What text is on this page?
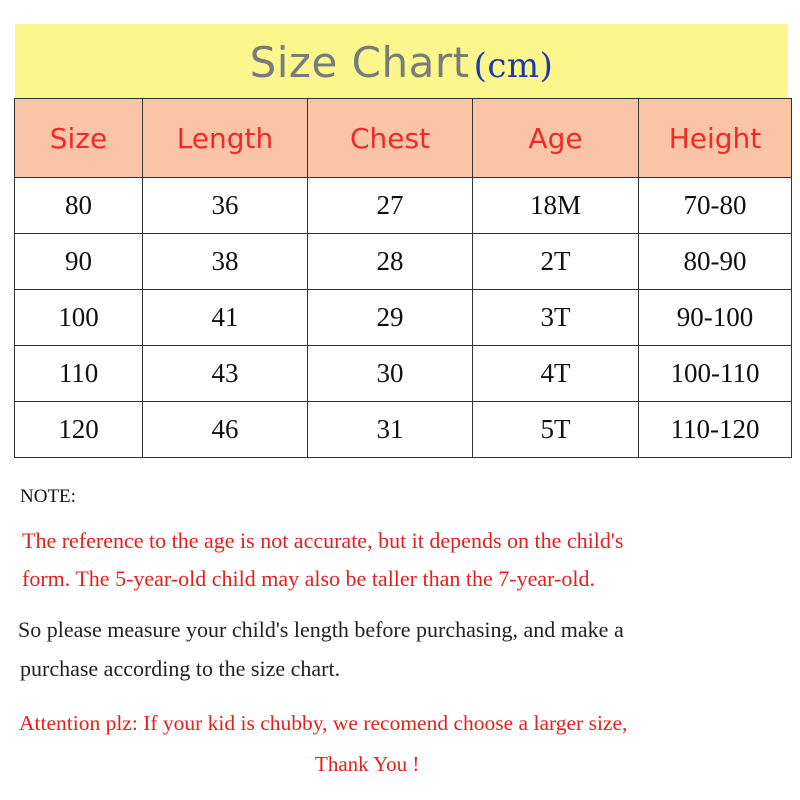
Size Chart (cm)
Size	Length	Chest	Age	Height
80	36	27	18M	70-80
90	38	28	2T	80-90
100	41	29	3T	90-100
110	43	30	4T	100-110
120	46	31	5T	110-120
NOTE:
The reference to the age is not accurate, but it depends on the child's
form. The 5-year-old child may also be taller than the 7-year-old.
So please measure your child's length before purchasing, and make a
purchase according to the size chart.
Attention plz: If your kid is chubby, we recomend choose a larger size,
Thank You !
